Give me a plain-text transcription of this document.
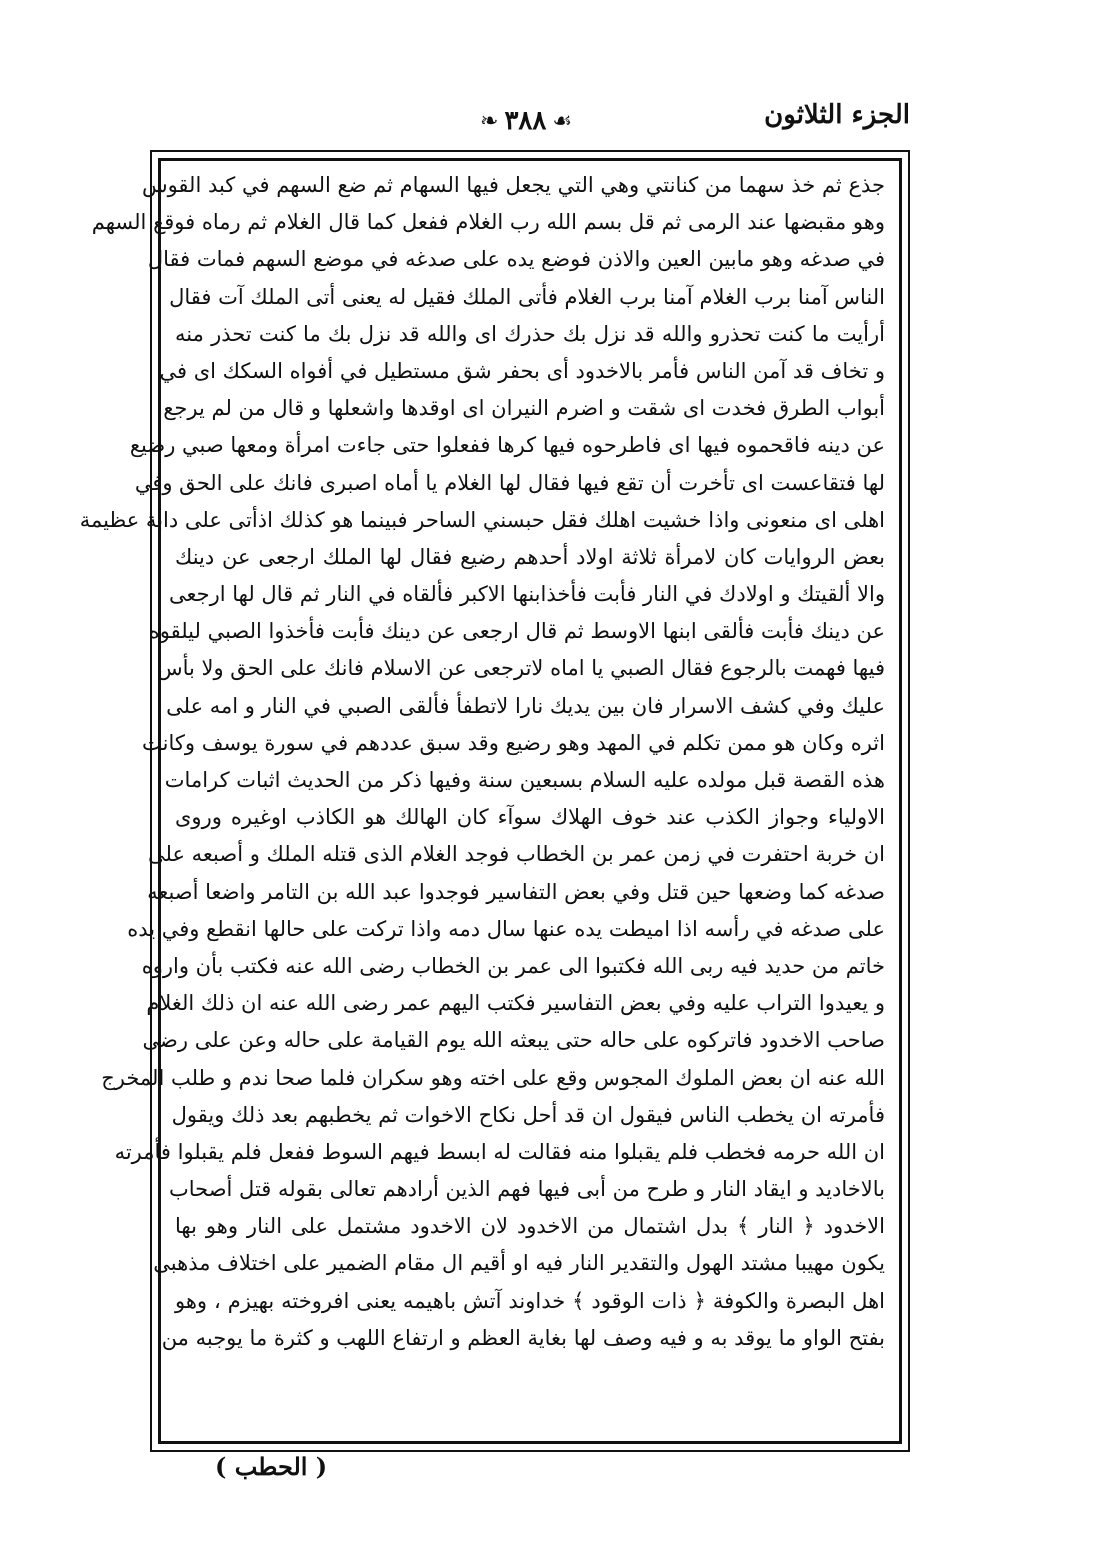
الجزء الثلاثون
❧ ٣٨٨ ☙
جذع ثم خذ سهما من كنانتي وهي التي يجعل فيها السهام ثم ضع السهم في كبد القوس
وهو مقبضها عند الرمى ثم قل بسم الله رب الغلام ففعل كما قال الغلام ثم رماه فوقع السهم
في صدغه وهو مابين العين والاذن فوضع يده على صدغه في موضع السهم فمات فقال
الناس آمنا برب الغلام آمنا برب الغلام فأتى الملك فقيل له يعنى أتى الملك آت فقال
أرأيت ما كنت تحذرو والله قد نزل بك حذرك اى والله قد نزل بك ما كنت تحذر منه
و تخاف قد آمن الناس فأمر بالاخدود أى بحفر شق مستطيل في أفواه السكك اى في
أبواب الطرق فخدت اى شقت و اضرم النيران اى اوقدها واشعلها و قال من لم يرجع
عن دينه فاقحموه فيها اى فاطرحوه فيها كرها ففعلوا حتى جاءت امرأة ومعها صبي رضيع
لها فتقاعست اى تأخرت أن تقع فيها فقال لها الغلام يا أماه اصبرى فانك على الحق وفي
اهلى اى منعونى واذا خشيت اهلك فقل حبسني الساحر فبينما هو كذلك اذأتى على دابة عظيمة
بعض الروايات كان لامرأة ثلاثة اولاد أحدهم رضيع فقال لها الملك ارجعى عن دينك
والا ألقيتك و اولادك في النار فأبت فأخذابنها الاكبر فألقاه في النار ثم قال لها ارجعى
عن دينك فأبت فألقى ابنها الاوسط ثم قال ارجعى عن دينك فأبت فأخذوا الصبي ليلقوه
فيها فهمت بالرجوع فقال الصبي يا اماه لاترجعى عن الاسلام فانك على الحق ولا بأس
عليك وفي كشف الاسرار فان بين يديك نارا لاتطفأ فألقى الصبي في النار و امه على
اثره وكان هو ممن تكلم في المهد وهو رضيع وقد سبق عددهم في سورة يوسف وكانت
هذه القصة قبل مولده عليه السلام بسبعين سنة وفيها ذكر من الحديث اثبات كرامات
الاولياء وجواز الكذب عند خوف الهلاك سوآء كان الهالك هو الكاذب اوغيره وروى
ان خربة احتفرت في زمن عمر بن الخطاب فوجد الغلام الذى قتله الملك و أصبعه على
صدغه كما وضعها حين قتل وفي بعض التفاسير فوجدوا عبد الله بن التامر واضعا أصبعه
على صدغه في رأسه اذا اميطت يده عنها سال دمه واذا تركت على حالها انقطع وفي يده
خاتم من حديد فيه ربى الله فكتبوا الى عمر بن الخطاب رضى الله عنه فكتب بأن واروه
و يعيدوا التراب عليه وفي بعض التفاسير فكتب اليهم عمر رضى الله عنه ان ذلك الغلام
صاحب الاخدود فاتركوه على حاله حتى يبعثه الله يوم القيامة على حاله وعن على رضى
الله عنه ان بعض الملوك المجوس وقع على اخته وهو سكران فلما صحا ندم و طلب المخرج
فأمرته ان يخطب الناس فيقول ان قد أحل نكاح الاخوات ثم يخطبهم بعد ذلك ويقول
ان الله حرمه فخطب فلم يقبلوا منه فقالت له ابسط فيهم السوط ففعل فلم يقبلوا فأمرته
بالاخاديد و ايقاد النار و طرح من أبى فيها فهم الذين أرادهم تعالى بقوله قتل أصحاب
الاخدود ﴿ النار ﴾ بدل اشتمال من الاخدود لان الاخدود مشتمل على النار وهو بها
يكون مهيبا مشتد الهول والتقدير النار فيه او أقيم ال مقام الضمير على اختلاف مذهبى
اهل البصرة والكوفة ﴿ ذات الوقود ﴾ خداوند آتش باهيمه يعنى افروخته بهيزم ، وهو
بفتح الواو ما يوقد به و فيه وصف لها بغاية العظم و ارتفاع اللهب و كثرة ما يوجبه من
( الحطب )
